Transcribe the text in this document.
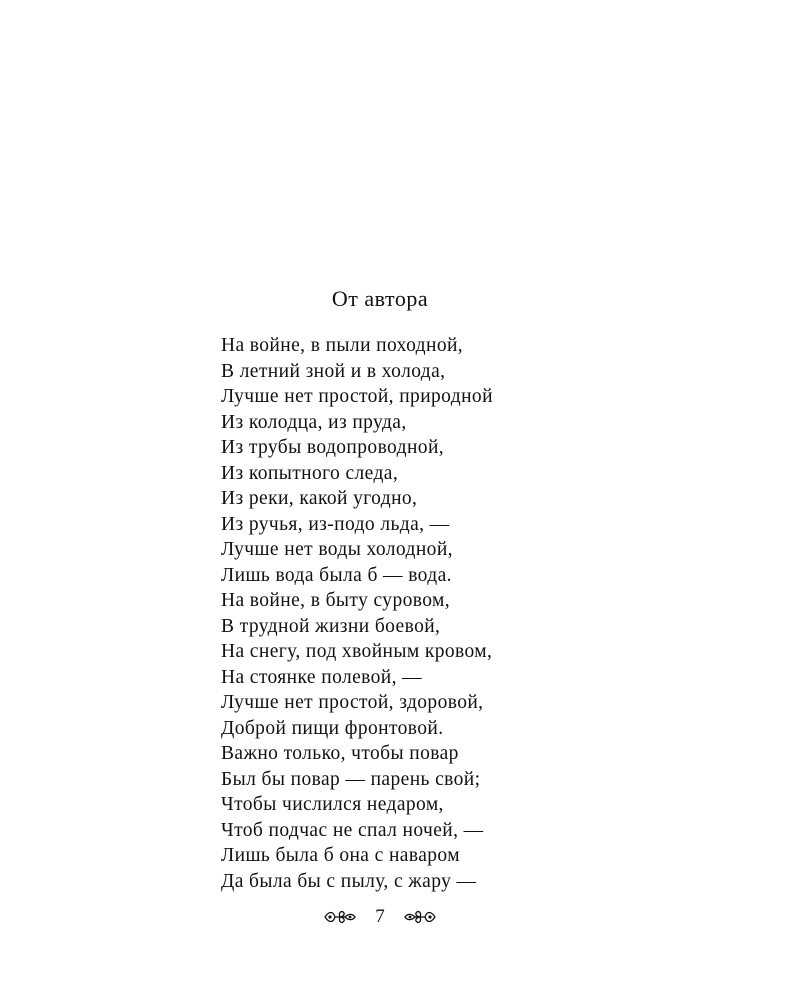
От автора
На войне, в пыли походной,
В летний зной и в холода,
Лучше нет простой, природной
Из колодца, из пруда,
Из трубы водопроводной,
Из копытного следа,
Из реки, какой угодно,
Из ручья, из-подо льда, —
Лучше нет воды холодной,
Лишь вода была б — вода.
На войне, в быту суровом,
В трудной жизни боевой,
На снегу, под хвойным кровом,
На стоянке полевой, —
Лучше нет простой, здоровой,
Доброй пищи фронтовой.
Важно только, чтобы повар
Был бы повар — парень свой;
Чтобы числился недаром,
Чтоб подчас не спал ночей, —
Лишь была б она с наваром
Да была бы с пылу, с жару —
7
